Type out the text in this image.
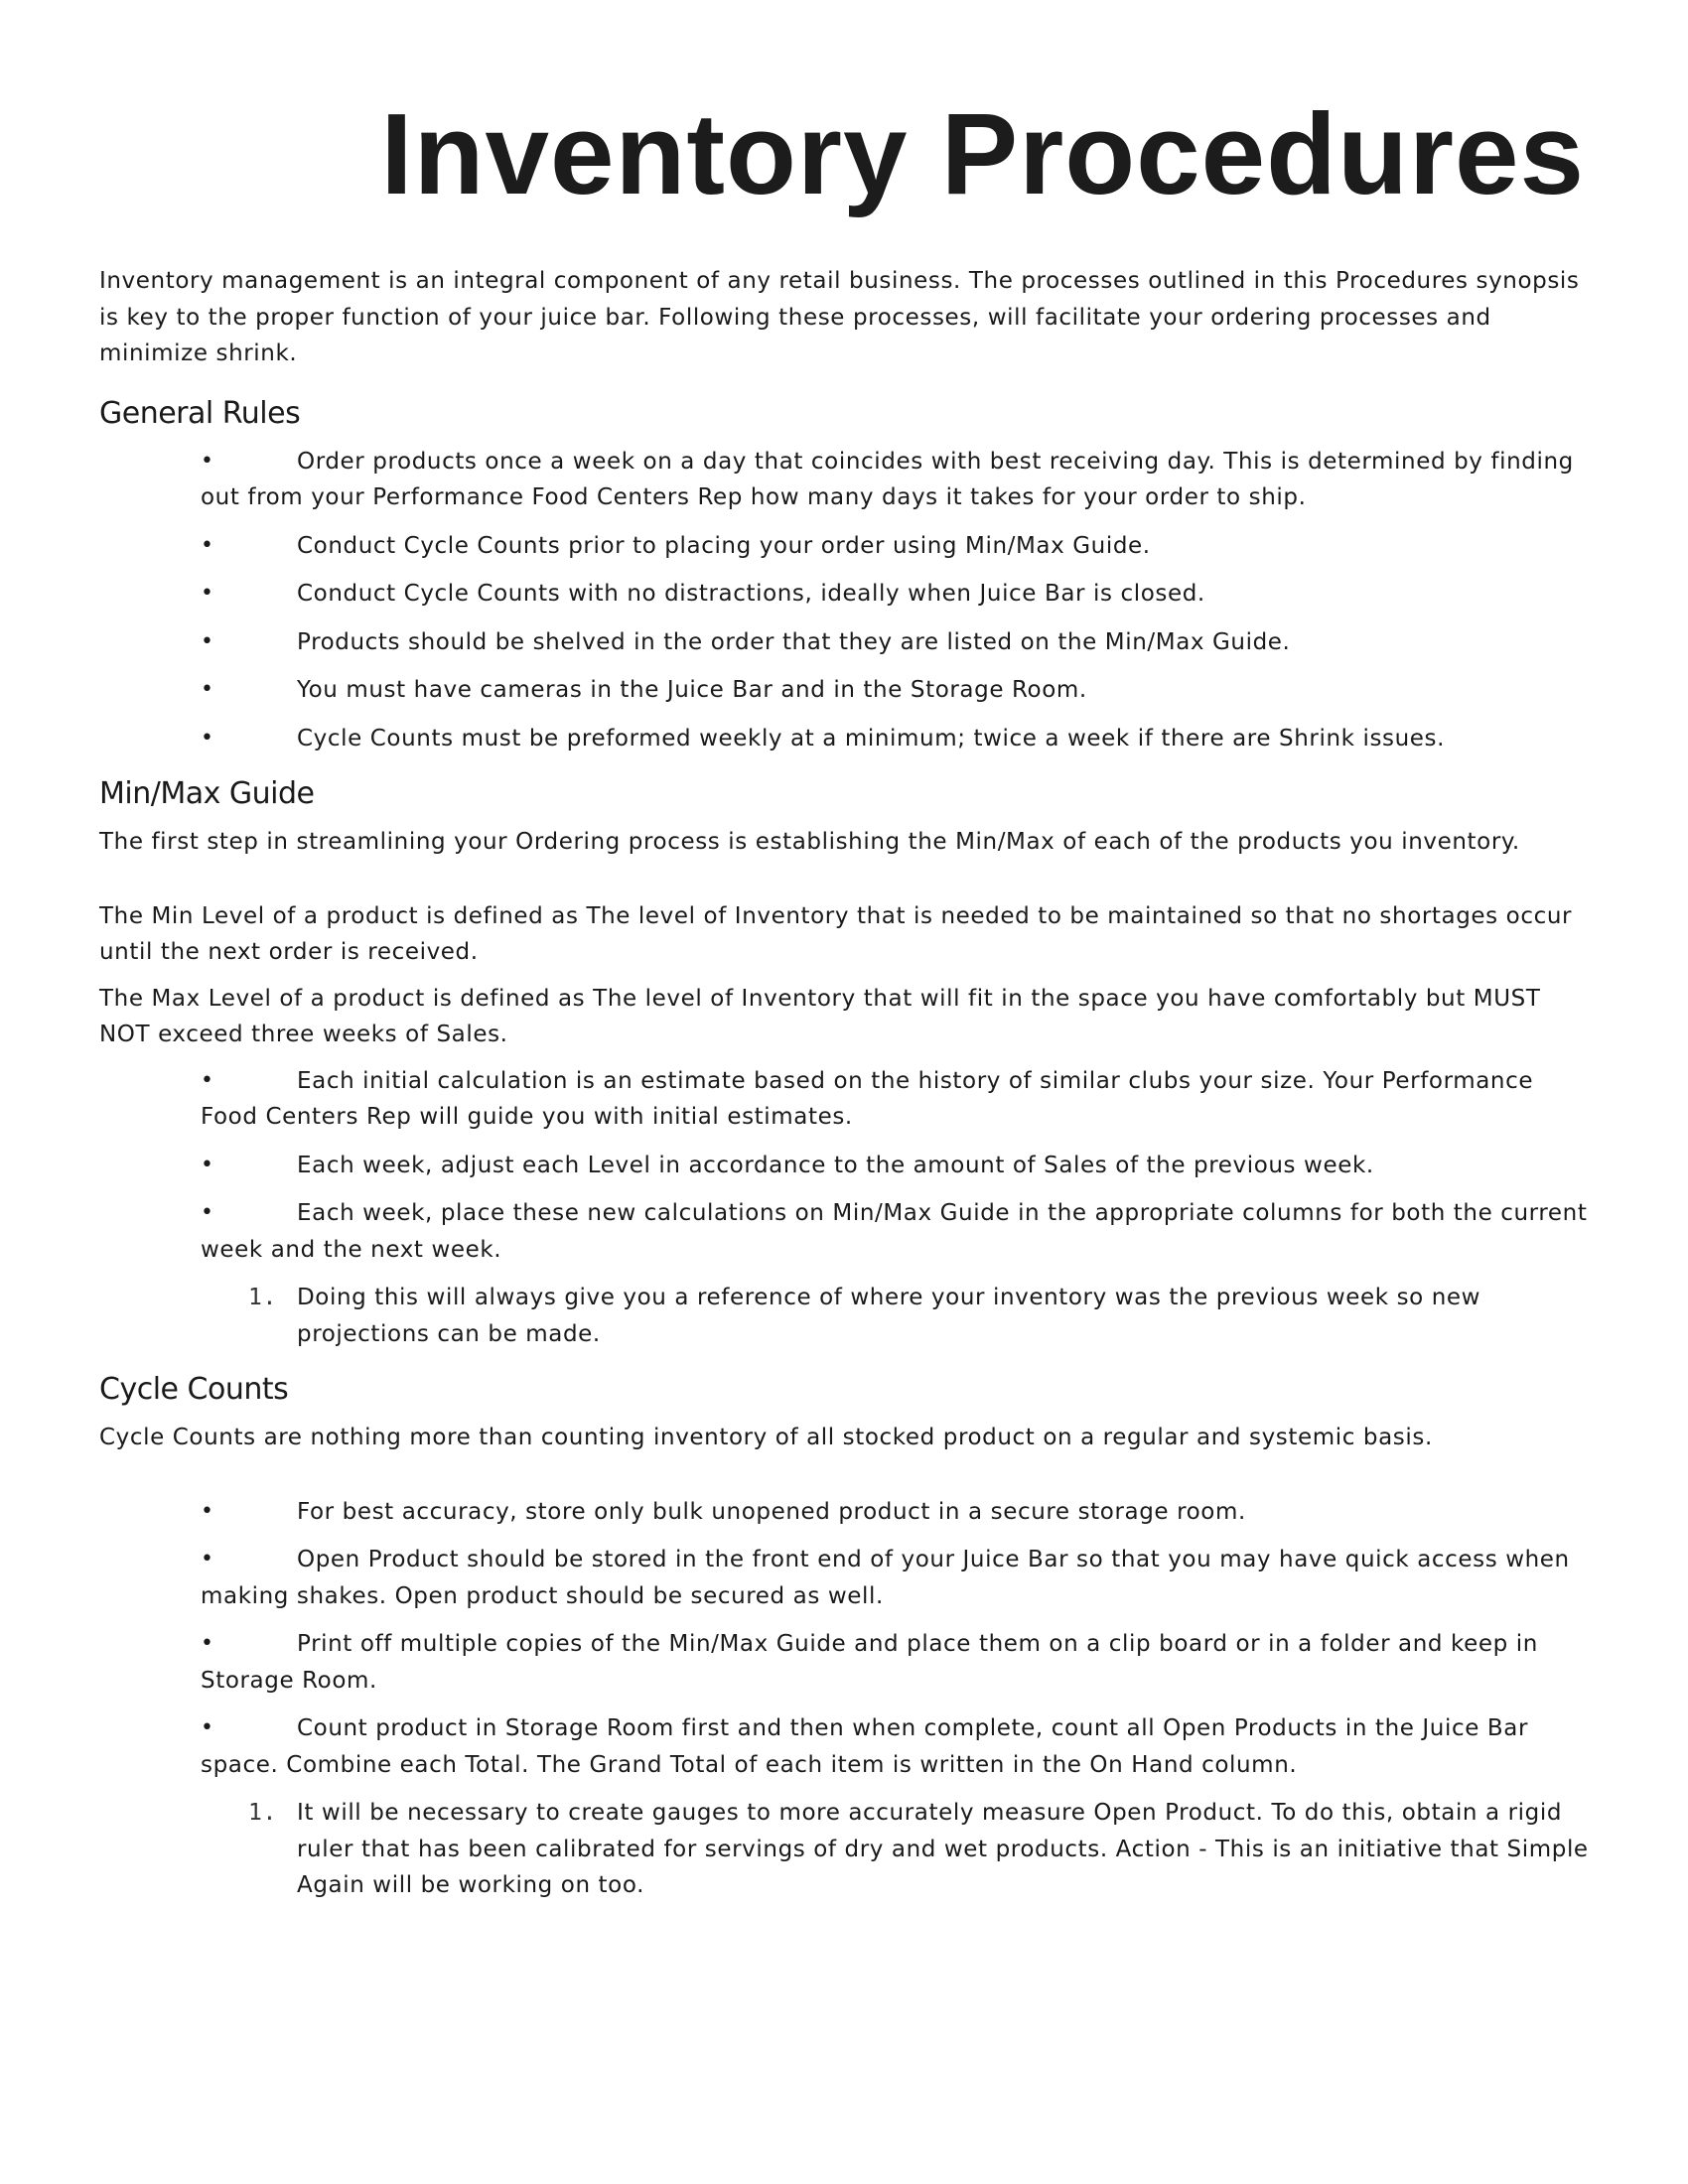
Inventory Procedures

Inventory management is an integral component of any retail business. The processes outlined in this Procedures synopsis is key to the proper function of your juice bar. Following these processes, will facilitate your ordering processes and minimize shrink.

General Rules
•	Order products once a week on a day that coincides with best receiving day. This is determined by finding out from your Performance Food Centers Rep how many days it takes for your order to ship.
•	Conduct Cycle Counts prior to placing your order using Min/Max Guide.
•	Conduct Cycle Counts with no distractions, ideally when Juice Bar is closed.
•	Products should be shelved in the order that they are listed on the Min/Max Guide.
•	You must have cameras in the Juice Bar and in the Storage Room.
•	Cycle Counts must be preformed weekly at a minimum; twice a week if there are Shrink issues.
Min/Max Guide

The first step in streamlining your Ordering process is establishing the Min/Max of each of the products you inventory.

The Min Level of a product is defined as The level of Inventory that is needed to be maintained so that no shortages occur until the next order is received.

The Max Level of a product is defined as The level of Inventory that will fit in the space you have comfortably but MUST NOT exceed three weeks of Sales.

•	Each initial calculation is an estimate based on the history of similar clubs your size. Your Performance Food Centers Rep will guide you with initial estimates.
•	Each week, adjust each Level in accordance to the amount of Sales of the previous week.
•	Each week, place these new calculations on Min/Max Guide in the appropriate columns for both the current week and the next week.
1. Doing this will always give you a reference of where your inventory was the previous week so new projections can be made.
Cycle Counts

Cycle Counts are nothing more than counting inventory of all stocked product on a regular and systemic basis.

•	For best accuracy, store only bulk unopened product in a secure storage room.
•	Open Product should be stored in the front end of your Juice Bar so that you may have quick access when making shakes. Open product should be secured as well.
•	Print off multiple copies of the Min/Max Guide and place them on a clip board or in a folder and keep in Storage Room.
•	Count product in Storage Room first and then when complete, count all Open Products in the Juice Bar space. Combine each Total. The Grand Total of each item is written in the On Hand column.
1. It will be necessary to create gauges to more accurately measure Open Product. To do this, obtain a rigid ruler that has been calibrated for servings of dry and wet products. Action - This is an initiative that Simple Again will be working on too.
